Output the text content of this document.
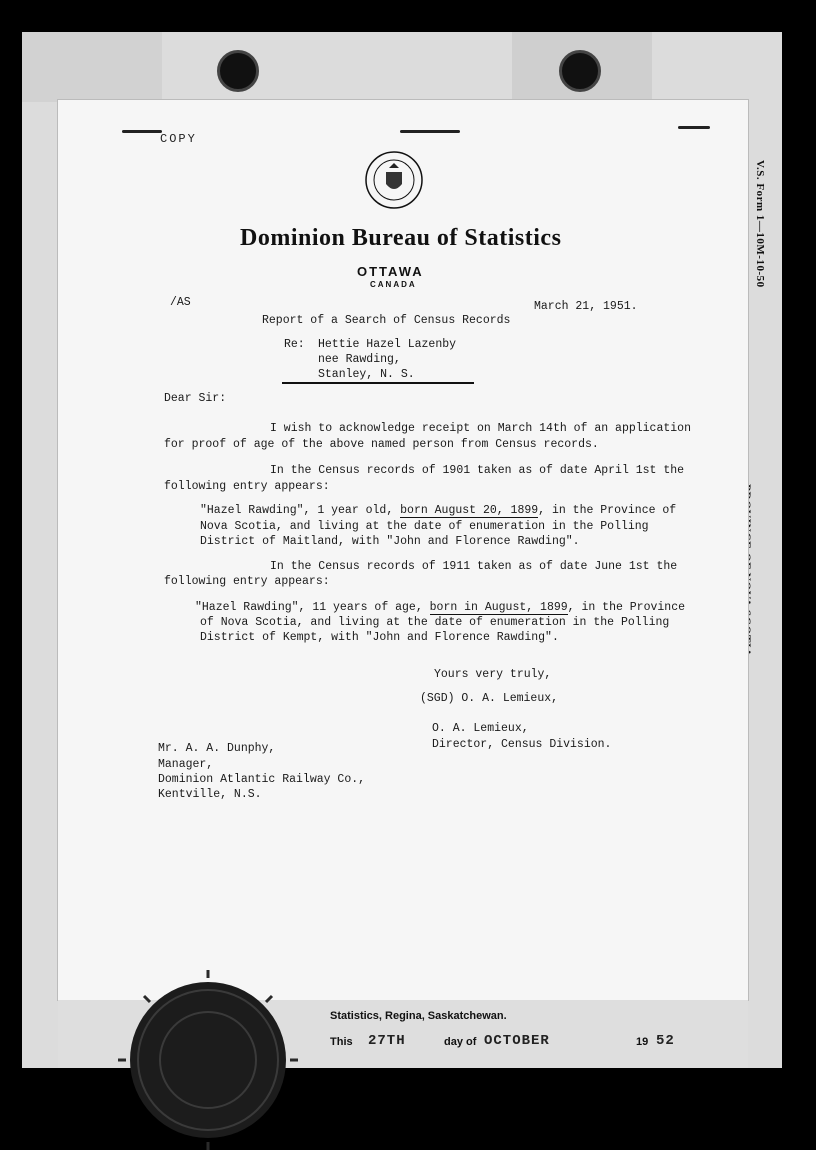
V.S. Form 1—10M-10-50
COPY
Dominion Bureau of Statistics
OTTAWA
CANADA
/AS	March 21, 1951.
Report of a Search of Census Records
Re: Hettie Hazel Lazenby
nee Rawding,
Stanley, N. S.
Dear Sir:
I wish to acknowledge receipt on March 14th of an application
for proof of age of the above named person from Census records.
In the Census records of 1901 taken as of date April 1st the
following entry appears:
"Hazel Rawding", 1 year old, born August 20, 1899, in the Province of
Nova Scotia, and living at the date of enumeration in the Polling
District of Maitland, with "John and Florence Rawding".
In the Census records of 1911 taken as of date June 1st the
following entry appears:
"Hazel Rawding", 11 years of age, born in August, 1899, in the Province
of Nova Scotia, and living at the date of enumeration in the Polling
District of Kempt, with "John and Florence Rawding".
Yours very truly,
(SGD) O. A. Lemieux,
O. A. Lemieux,
Director, Census Division.
Mr. A. A. Dunphy,
Manager,
Dominion Atlantic Railway Co.,
Kentville, N.S.
Statistics, Regina, Saskatchewan.
This 27TH	day of OCTOBER	19 52
